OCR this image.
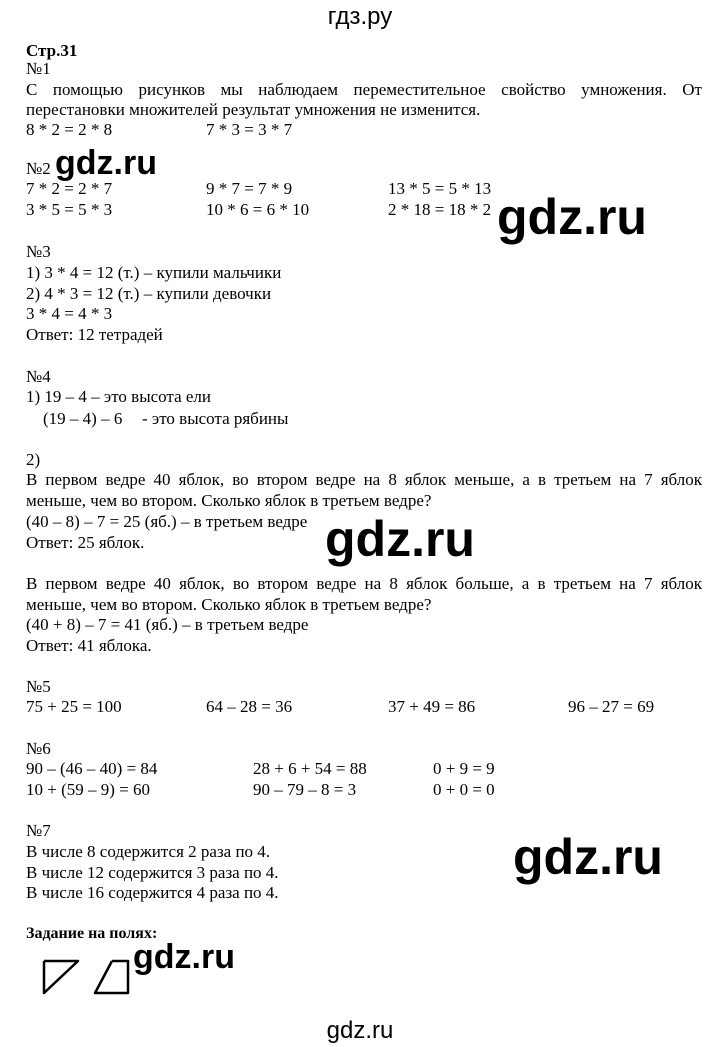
гдз.ру
Стр.31
№1
С помощью рисунков мы наблюдаем переместительное свойство умножения. От
перестановки множителей результат умножения не изменится.
8 * 2 = 2 * 8	7 * 3 = 3 * 7
№2
7 * 2 = 2 * 7	9 * 7 = 7 * 9	13 * 5 = 5 * 13
3 * 5 = 5 * 3	10 * 6 = 6 * 10	2 * 18 = 18 * 2
№3
1) 3 * 4 = 12 (т.) – купили мальчики
2) 4 * 3 = 12 (т.) – купили девочки
3 * 4 = 4 * 3
Ответ: 12 тетрадей
№4
1) 19 – 4 – это высота ели
(19 – 4) – 6 - это высота рябины
2)
В первом ведре 40 яблок, во втором ведре на 8 яблок меньше, а в третьем на 7 яблок
меньше, чем во втором. Сколько яблок в третьем ведре?
(40 – 8) – 7 = 25 (яб.) – в третьем ведре
Ответ: 25 яблок.
В первом ведре 40 яблок, во втором ведре на 8 яблок больше, а в третьем на 7 яблок
меньше, чем во втором. Сколько яблок в третьем ведре?
(40 + 8) – 7 = 41 (яб.) – в третьем ведре
Ответ: 41 яблока.
№5
75 + 25 = 100	64 – 28 = 36	37 + 49 = 86	96 – 27 = 69
№6
90 – (46 – 40) = 84	28 + 6 + 54 = 88	0 + 9 = 9
10 + (59 – 9) = 60	90 – 79 – 8 = 3	0 + 0 = 0
№7
В числе 8 содержится 2 раза по 4.
В числе 12 содержится 3 раза по 4.
В числе 16 содержится 4 раза по 4.
Задание на полях:
gdz.ru
gdz.ru
gdz.ru
gdz.ru
gdz.ru
gdz.ru
